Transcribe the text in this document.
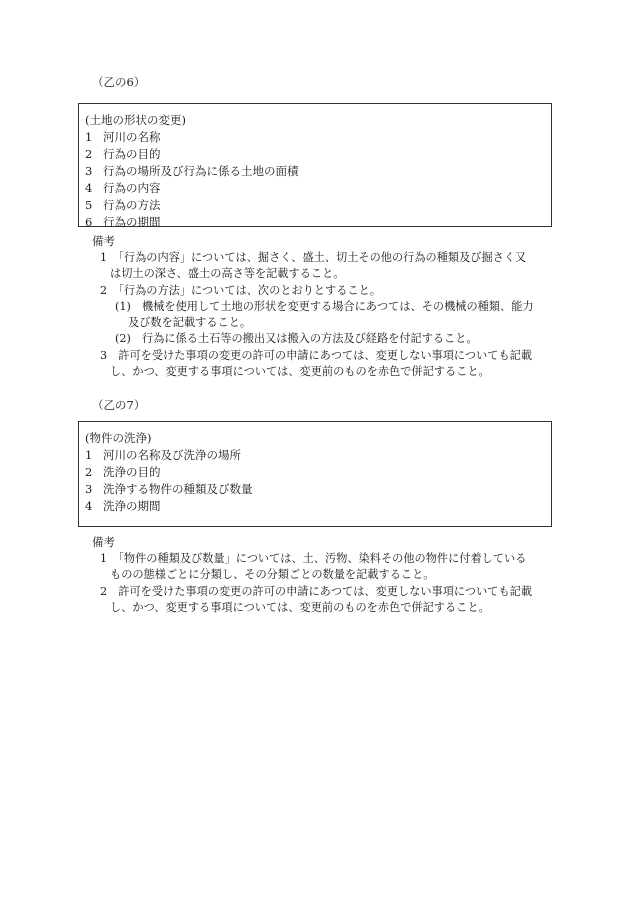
（乙の6）
(土地の形状の変更)
1 河川の名称
2 行為の目的
3 行為の場所及び行為に係る土地の面積
4 行為の内容
5 行為の方法
6 行為の期間
備考
1　「行為の内容」については、掘さく、盛土、切土その他の行為の種類及び掘さく又
は切土の深さ、盛土の高さ等を記載すること。
2　「行為の方法」については、次のとおりとすること。
(1)　機械を使用して土地の形状を変更する場合にあつては、その機械の種類、能力
及び数を記載すること。
(2)　行為に係る土石等の搬出又は搬入の方法及び経路を付記すること。
3　許可を受けた事項の変更の許可の申請にあつては、変更しない事項についても記載
し、かつ、変更する事項については、変更前のものを赤色で併記すること。
（乙の7）
(物件の洗浄)
1 河川の名称及び洗浄の場所
2 洗浄の目的
3 洗浄する物件の種類及び数量
4 洗浄の期間
備考
1　「物件の種類及び数量」については、土、汚物、染料その他の物件に付着している
ものの態様ごとに分類し、その分類ごとの数量を記載すること。
2　許可を受けた事項の変更の許可の申請にあつては、変更しない事項についても記載
し、かつ、変更する事項については、変更前のものを赤色で併記すること。
